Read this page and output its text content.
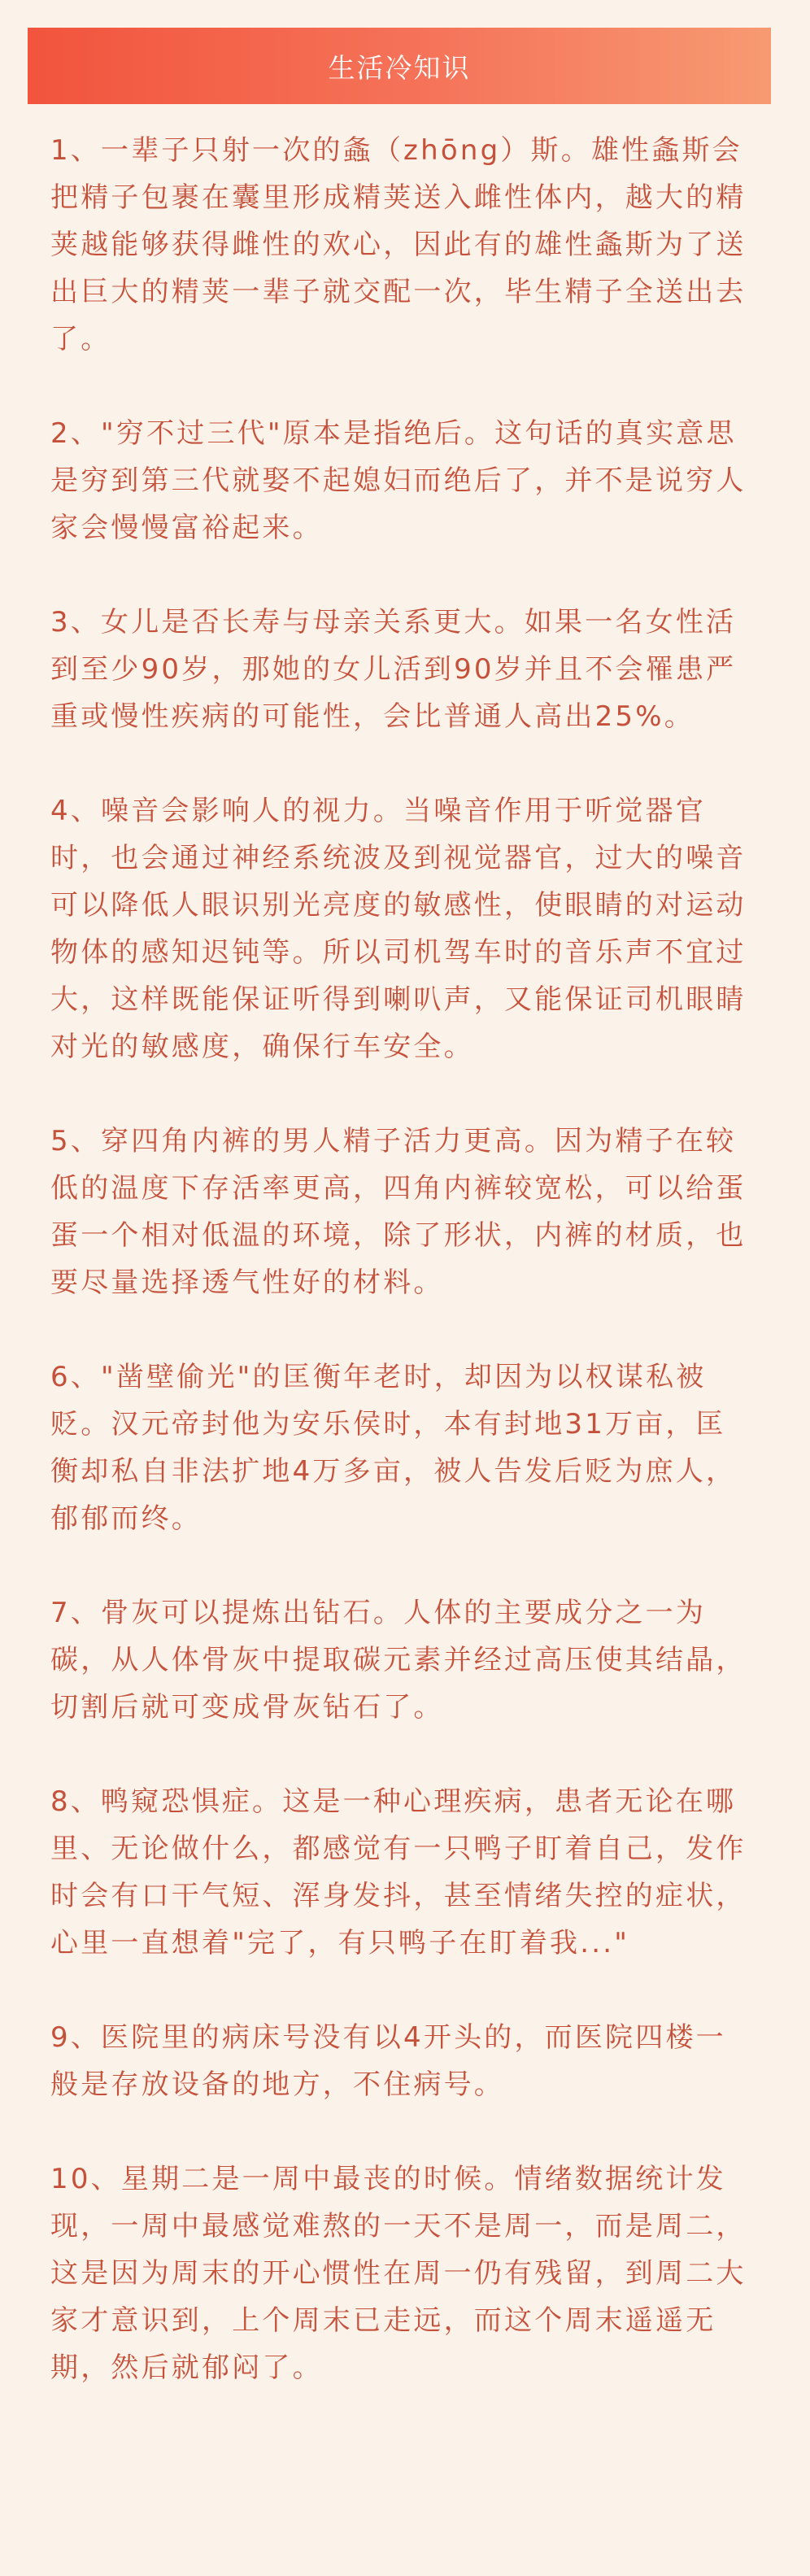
生活冷知识

1、一辈子只射一次的螽（zhōng）斯。雄性螽斯会把精子包裹在囊里形成精荚送入雌性体内，越大的精荚越能够获得雌性的欢心，因此有的雄性螽斯为了送出巨大的精荚一辈子就交配一次，毕生精子全送出去了。

2、"穷不过三代"原本是指绝后。这句话的真实意思是穷到第三代就娶不起媳妇而绝后了，并不是说穷人家会慢慢富裕起来。

3、女儿是否长寿与母亲关系更大。如果一名女性活到至少90岁，那她的女儿活到90岁并且不会罹患严重或慢性疾病的可能性，会比普通人高出25%。

4、噪音会影响人的视力。当噪音作用于听觉器官时，也会通过神经系统波及到视觉器官，过大的噪音可以降低人眼识别光亮度的敏感性，使眼睛的对运动物体的感知迟钝等。所以司机驾车时的音乐声不宜过大，这样既能保证听得到喇叭声，又能保证司机眼睛对光的敏感度，确保行车安全。

5、穿四角内裤的男人精子活力更高。因为精子在较低的温度下存活率更高，四角内裤较宽松，可以给蛋蛋一个相对低温的环境，除了形状，内裤的材质，也要尽量选择透气性好的材料。

6、"凿壁偷光"的匡衡年老时，却因为以权谋私被贬。汉元帝封他为安乐侯时，本有封地31万亩，匡衡却私自非法扩地4万多亩，被人告发后贬为庶人，郁郁而终。

7、骨灰可以提炼出钻石。人体的主要成分之一为碳，从人体骨灰中提取碳元素并经过高压使其结晶，切割后就可变成骨灰钻石了。

8、鸭窥恐惧症。这是一种心理疾病，患者无论在哪里、无论做什么，都感觉有一只鸭子盯着自己，发作时会有口干气短、浑身发抖，甚至情绪失控的症状，心里一直想着"完了，有只鸭子在盯着我..."

9、医院里的病床号没有以4开头的，而医院四楼一般是存放设备的地方，不住病号。

10、星期二是一周中最丧的时候。情绪数据统计发现，一周中最感觉难熬的一天不是周一，而是周二，这是因为周末的开心惯性在周一仍有残留，到周二大家才意识到，上个周末已走远，而这个周末遥遥无期，然后就郁闷了。
